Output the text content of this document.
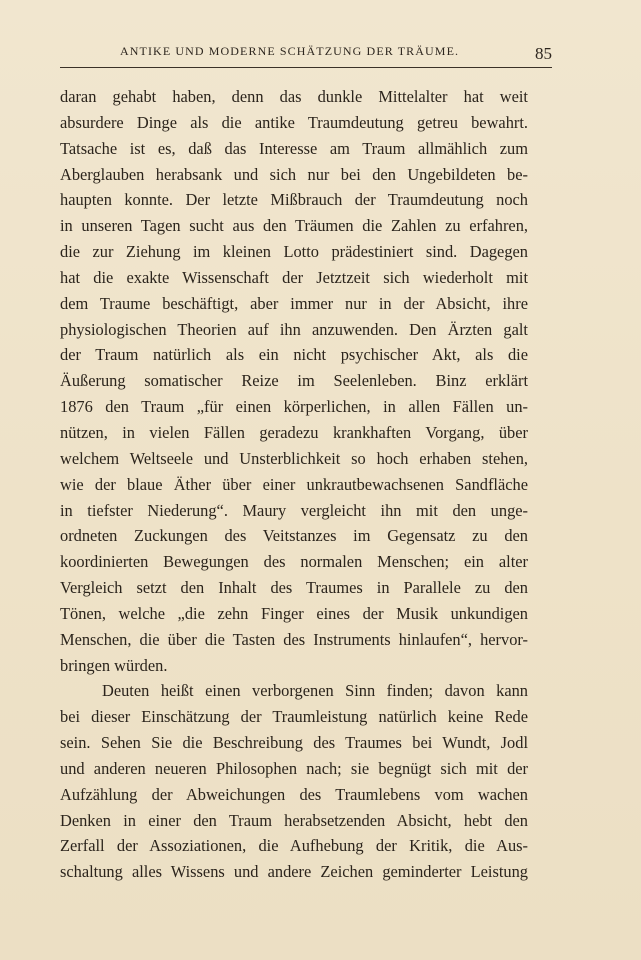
ANTIKE UND MODERNE SCHÄTZUNG DER TRÄUME.	85
daran gehabt haben, denn das dunkle Mittelalter hat weit
absurdere Dinge als die antike Traumdeutung getreu bewahrt.
Tatsache ist es, daß das Interesse am Traum allmählich zum
Aberglauben herabsank und sich nur bei den Ungebildeten be-
haupten konnte. Der letzte Mißbrauch der Traumdeutung noch
in unseren Tagen sucht aus den Träumen die Zahlen zu erfahren,
die zur Ziehung im kleinen Lotto prädestiniert sind. Dagegen
hat die exakte Wissenschaft der Jetztzeit sich wiederholt mit
dem Traume beschäftigt, aber immer nur in der Absicht, ihre
physiologischen Theorien auf ihn anzuwenden. Den Ärzten galt
der Traum natürlich als ein nicht psychischer Akt, als die
Äußerung somatischer Reize im Seelenleben. Binz erklärt
1876 den Traum „für einen körperlichen, in allen Fällen un-
nützen, in vielen Fällen geradezu krankhaften Vorgang, über
welchem Weltseele und Unsterblichkeit so hoch erhaben stehen,
wie der blaue Äther über einer unkrautbewachsenen Sandfläche
in tiefster Niederung“. Maury vergleicht ihn mit den unge-
ordneten Zuckungen des Veitstanzes im Gegensatz zu den
koordinierten Bewegungen des normalen Menschen; ein alter
Vergleich setzt den Inhalt des Traumes in Parallele zu den
Tönen, welche „die zehn Finger eines der Musik unkundigen
Menschen, die über die Tasten des Instruments hinlaufen“, hervor-
bringen würden.
Deuten heißt einen verborgenen Sinn finden; davon kann
bei dieser Einschätzung der Traumleistung natürlich keine Rede
sein. Sehen Sie die Beschreibung des Traumes bei Wundt, Jodl
und anderen neueren Philosophen nach; sie begnügt sich mit der
Aufzählung der Abweichungen des Traumlebens vom wachen
Denken in einer den Traum herabsetzenden Absicht, hebt den
Zerfall der Assoziationen, die Aufhebung der Kritik, die Aus-
schaltung alles Wissens und andere Zeichen geminderter Leistung
